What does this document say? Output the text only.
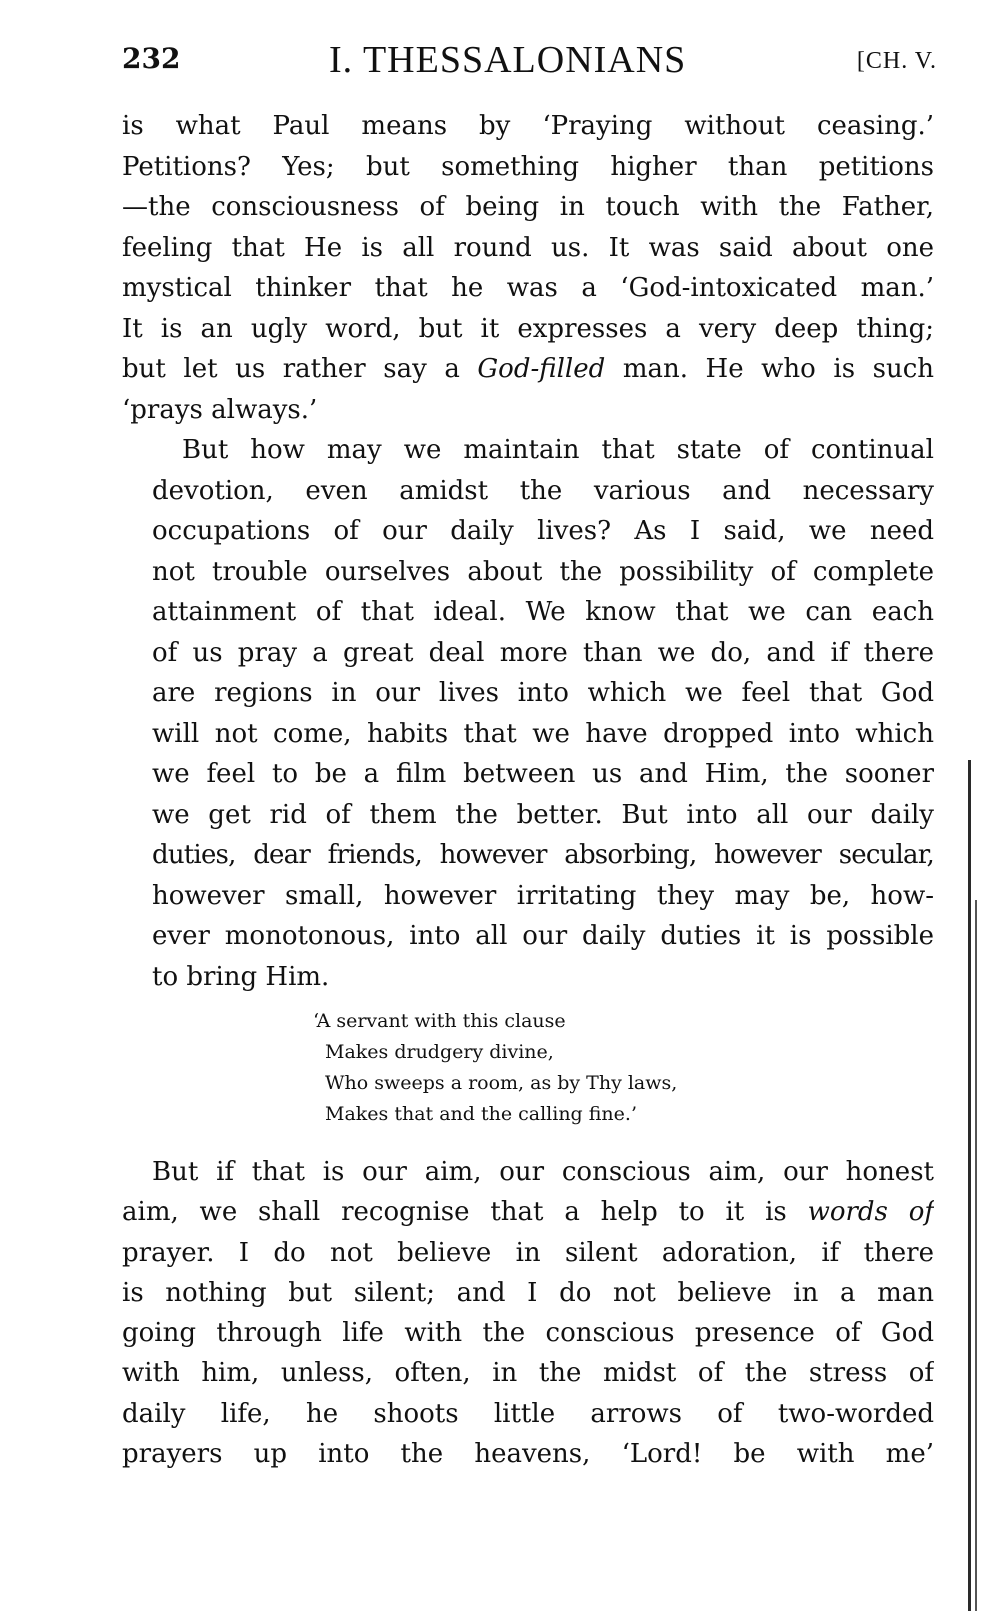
232	I. THESSALONIANS	[CH. V.
is what Paul means by ‘Praying without ceasing.’
Petitions? Yes; but something higher than petitions
—the consciousness of being in touch with the Father,
feeling that He is all round us. It was said about one
mystical thinker that he was a ‘God-intoxicated man.’
It is an ugly word, but it expresses a very deep thing;
but let us rather say a God-filled man. He who is such
‘prays always.’
But how may we maintain that state of continual
devotion, even amidst the various and necessary
occupations of our daily lives? As I said, we need
not trouble ourselves about the possibility of complete
attainment of that ideal. We know that we can each
of us pray a great deal more than we do, and if there
are regions in our lives into which we feel that God
will not come, habits that we have dropped into which
we feel to be a film between us and Him, the sooner
we get rid of them the better. But into all our daily
duties, dear friends, however absorbing, however secular,
however small, however irritating they may be, how-
ever monotonous, into all our daily duties it is possible
to bring Him.
‘A servant with this clause
Makes drudgery divine,
Who sweeps a room, as by Thy laws,
Makes that and the calling fine.’
But if that is our aim, our conscious aim, our honest
aim, we shall recognise that a help to it is words of
prayer. I do not believe in silent adoration, if there
is nothing but silent; and I do not believe in a man
going through life with the conscious presence of God
with him, unless, often, in the midst of the stress of
daily life, he shoots little arrows of two-worded
prayers up into the heavens, ‘Lord! be with me’
